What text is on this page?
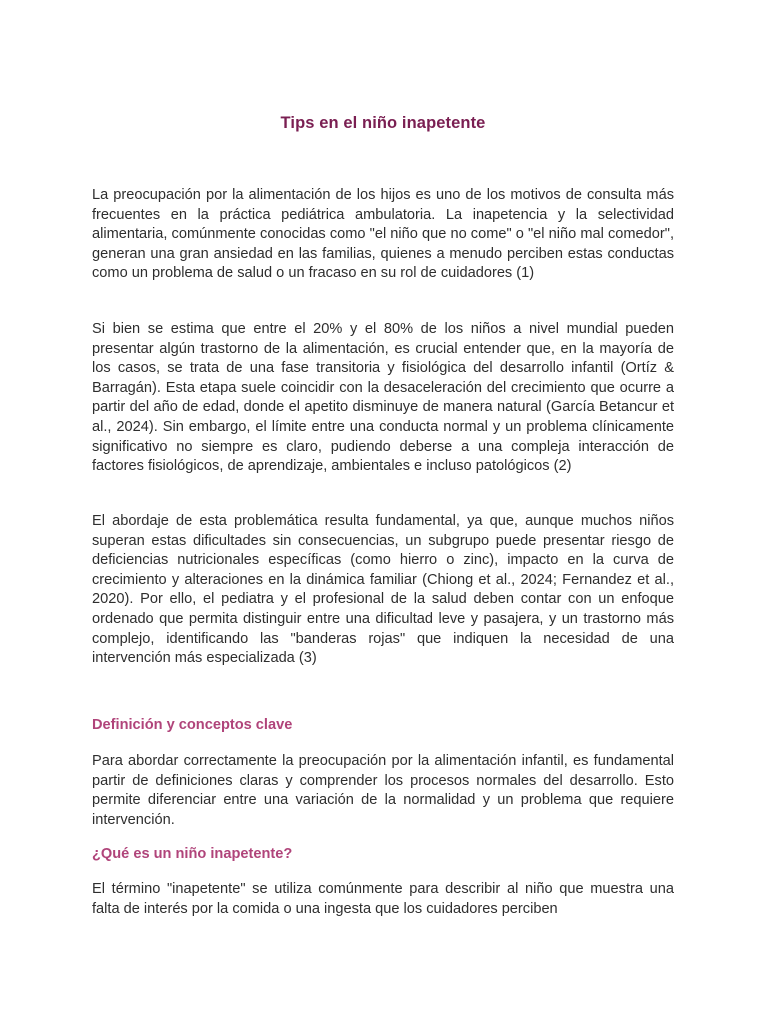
Tips en el niño inapetente

La preocupación por la alimentación de los hijos es uno de los motivos de consulta más frecuentes en la práctica pediátrica ambulatoria. La inapetencia y la selectividad alimentaria, comúnmente conocidas como "el niño que no come" o "el niño mal comedor", generan una gran ansiedad en las familias, quienes a menudo perciben estas conductas como un problema de salud o un fracaso en su rol de cuidadores (1)

Si bien se estima que entre el 20% y el 80% de los niños a nivel mundial pueden presentar algún trastorno de la alimentación, es crucial entender que, en la mayoría de los casos, se trata de una fase transitoria y fisiológica del desarrollo infantil (Ortíz & Barragán). Esta etapa suele coincidir con la desaceleración del crecimiento que ocurre a partir del año de edad, donde el apetito disminuye de manera natural (García Betancur et al., 2024). Sin embargo, el límite entre una conducta normal y un problema clínicamente significativo no siempre es claro, pudiendo deberse a una compleja interacción de factores fisiológicos, de aprendizaje, ambientales e incluso patológicos (2)

El abordaje de esta problemática resulta fundamental, ya que, aunque muchos niños superan estas dificultades sin consecuencias, un subgrupo puede presentar riesgo de deficiencias nutricionales específicas (como hierro o zinc), impacto en la curva de crecimiento y alteraciones en la dinámica familiar (Chiong et al., 2024; Fernandez et al., 2020). Por ello, el pediatra y el profesional de la salud deben contar con un enfoque ordenado que permita distinguir entre una dificultad leve y pasajera, y un trastorno más complejo, identificando las "banderas rojas" que indiquen la necesidad de una intervención más especializada (3)

Definición y conceptos clave

Para abordar correctamente la preocupación por la alimentación infantil, es fundamental partir de definiciones claras y comprender los procesos normales del desarrollo. Esto permite diferenciar entre una variación de la normalidad y un problema que requiere intervención.

¿Qué es un niño inapetente?

El término "inapetente" se utiliza comúnmente para describir al niño que muestra una falta de interés por la comida o una ingesta que los cuidadores perciben
